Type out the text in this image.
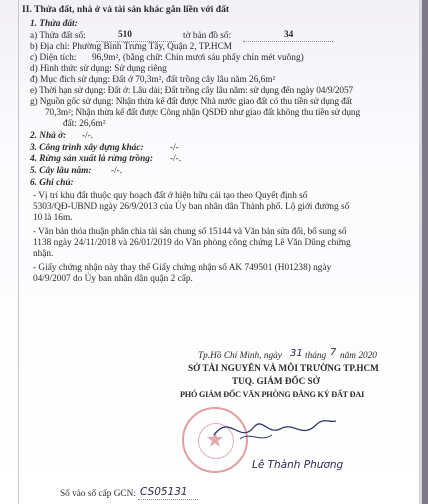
II. Thửa đất, nhà ở và tài sản khác gắn liền với đất
1. Thửa đất:
a) Thửa đất số:	510	tờ bản đồ số:	34
b) Địa chỉ: Phường Bình Trưng Tây, Quận 2, TP.HCM
c) Diện tích: 96,9m², (bằng chữ: Chín mươi sáu phẩy chín mét vuông)
d) Hình thức sử dụng: Sử dụng riêng
đ) Mục đích sử dụng: Đất ở 70,3m², đất trồng cây lâu năm 26,6m²
e) Thời hạn sử dụng: Đất ở: Lâu dài; Đất trồng cây lâu năm: sử dụng đến ngày 04/9/2057
g) Nguồn gốc sử dụng: Nhận thừa kế đất được Nhà nước giao đất có thu tiền sử dụng đất
70,3m²; Nhận thừa kế đất được Công nhận QSDĐ như giao đất không thu tiền sử dụng
đất: 26,6m²
2. Nhà ở: -/-.
3. Công trình xây dựng khác:	-/-
4. Rừng sản xuất là rừng trồng: -/-.
5. Cây lâu năm: -/-.
6. Ghi chú:
- Vị trí khu đất thuộc quy hoạch đất ở hiện hữu cải tạo theo Quyết định số
5303/QĐ-UBND ngày 26/9/2013 của Ủy ban nhân dân Thành phố. Lộ giới đường số
10 là 16m.
- Văn bản thỏa thuận phân chia tài sản chung số 15144 và Văn bản sửa đổi, bổ sung số
1138 ngày 24/11/2018 và 26/01/2019 do Văn phòng công chứng Lê Văn Dũng chứng
nhận.
- Giấy chứng nhận này thay thế Giấy chứng nhận số AK 749501 (H01238) ngày
04/9/2007 do Ủy ban nhân dân quận 2 cấp.
Tp.Hồ Chí Minh, ngày 31 tháng 7 năm 2020
SỞ TÀI NGUYÊN VÀ MÔI TRƯỜNG TP.HCM
TUQ. GIÁM ĐỐC SỞ
PHÓ GIÁM ĐỐC VĂN PHÒNG ĐĂNG KÝ ĐẤT ĐAI
Lê Thành Phương
Số vào sổ cấp GCN: CS05131
